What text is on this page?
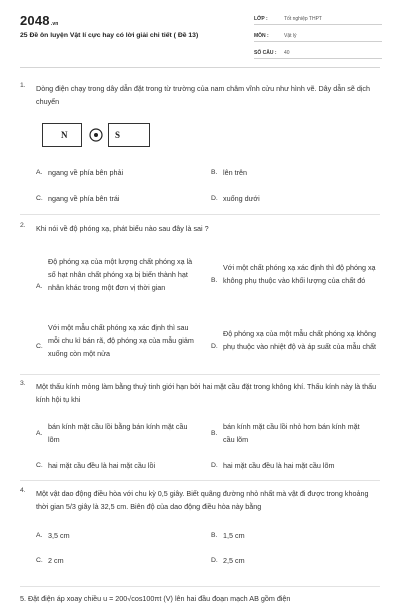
2048.vn
25 Đề ôn luyện Vật lí cực hay có lời giải chi tiết ( Đề 13)
LỚP :	Tốt nghiệp THPT
MÔN :	Vật lý
SỐ CÂU :	40
1. Dòng điện chạy trong dây dẫn đặt trong từ trường của nam châm vĩnh cửu như hình vẽ. Dây dẫn sẽ dịch chuyển
N	S
A. ngang về phía bên phải	B. lên trên
C. ngang về phía bên trái	D. xuống dưới
2. Khi nói về độ phóng xạ, phát biểu nào sau đây là sai ?
A.
Độ phóng xạ của một lượng chất phóng xạ là số hạt nhân chất phóng xạ bị biến thành hạt nhân khác trong một đơn vị thời gian
B.
Với một chất phóng xạ xác định thì độ phóng xạ không phụ thuộc vào khối lượng của chất đó
C.
Với một mẫu chất phóng xạ xác định thì sau mỗi chu kì bán rã, độ phóng xạ của mẫu giảm xuống còn một nửa
D.
Độ phóng xạ của một mẫu chất phóng xạ không phụ thuộc vào nhiệt độ và áp suất của mẫu chất
3. Một thấu kính mỏng làm bằng thuỷ tinh giới hạn bởi hai mặt cầu đặt trong không khí. Thấu kính này là thấu kính hội tụ khi
A.
bán kính mặt cầu lồi bằng bán kính mặt cầu lõm
B.
bán kính mặt cầu lồi nhỏ hơn bán kính mặt cầu lõm
C. hai mặt cầu đều là hai mặt cầu lồi	D. hai mặt cầu đều là hai mặt cầu lõm
4. Một vật dao động điều hòa với chu kỳ 0,5 giây. Biết quãng đường nhỏ nhất mà vật đi được trong khoảng thời gian 5/3 giây là 32,5 cm. Biên độ của dao động điều hòa này bằng
A. 3,5 cm	B. 1,5 cm
C. 2 cm	D. 2,5 cm
5. Đặt điện áp xoay chiều u = 200√cos100πt (V) lên hai đầu đoạn mạch AB gồm điện
